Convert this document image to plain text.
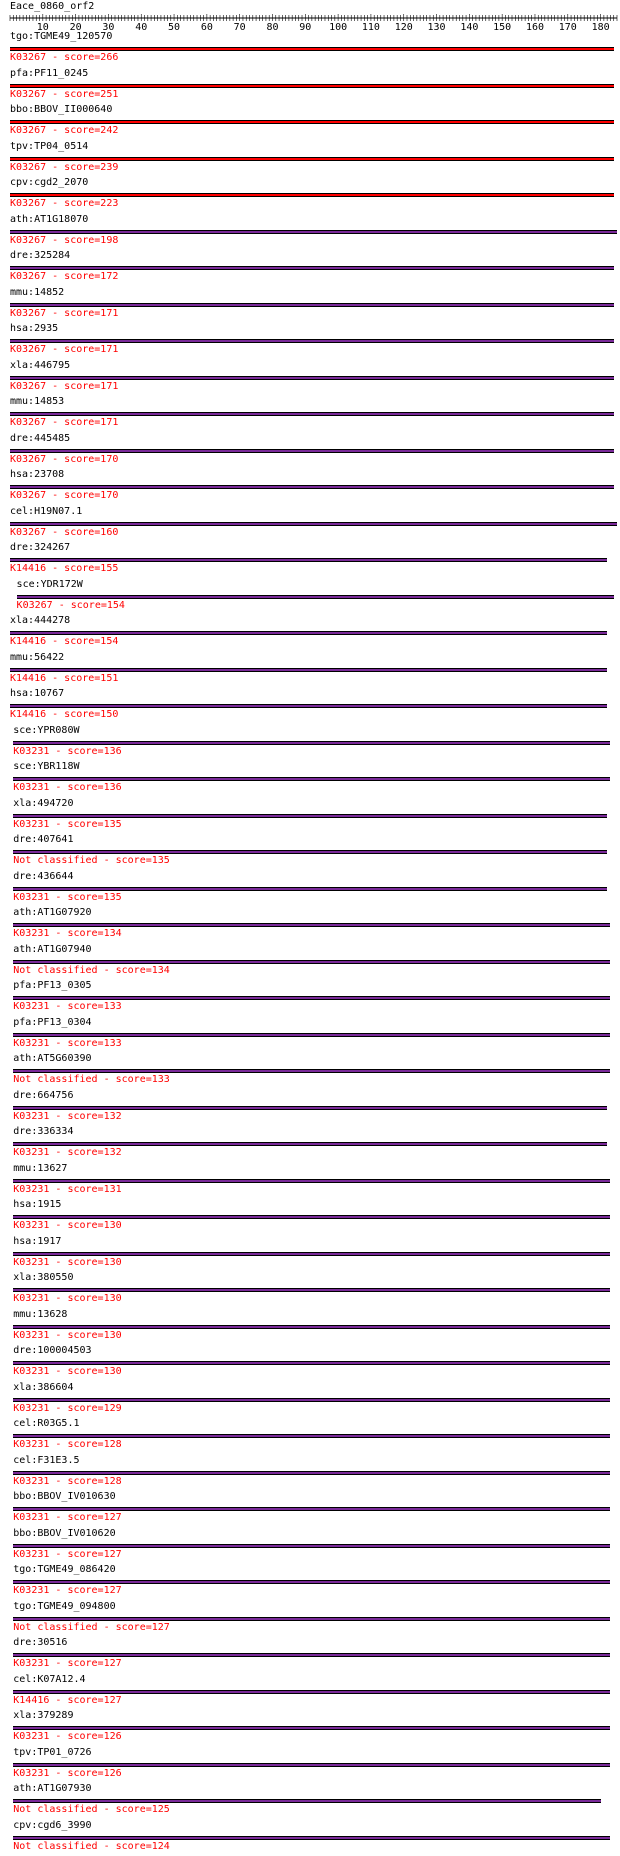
Eace_0860_orf2
10 20 30 40 50 60 70 80 90 100 110 120 130 140 150 160 170 180
tgo:TGME49_120570
K03267 - score=266
pfa:PF11_0245
K03267 - score=251
bbo:BBOV_II000640
K03267 - score=242
tpv:TP04_0514
K03267 - score=239
cpv:cgd2_2070
K03267 - score=223
ath:AT1G18070
K03267 - score=198
dre:325284
K03267 - score=172
mmu:14852
K03267 - score=171
hsa:2935
K03267 - score=171
xla:446795
K03267 - score=171
mmu:14853
K03267 - score=171
dre:445485
K03267 - score=170
hsa:23708
K03267 - score=170
cel:H19N07.1
K03267 - score=160
dre:324267
K14416 - score=155
sce:YDR172W
K03267 - score=154
xla:444278
K14416 - score=154
mmu:56422
K14416 - score=151
hsa:10767
K14416 - score=150
sce:YPR080W
K03231 - score=136
sce:YBR118W
K03231 - score=136
xla:494720
K03231 - score=135
dre:407641
Not classified - score=135
dre:436644
K03231 - score=135
ath:AT1G07920
K03231 - score=134
ath:AT1G07940
Not classified - score=134
pfa:PF13_0305
K03231 - score=133
pfa:PF13_0304
K03231 - score=133
ath:AT5G60390
Not classified - score=133
dre:664756
K03231 - score=132
dre:336334
K03231 - score=132
mmu:13627
K03231 - score=131
hsa:1915
K03231 - score=130
hsa:1917
K03231 - score=130
xla:380550
K03231 - score=130
mmu:13628
K03231 - score=130
dre:100004503
K03231 - score=130
xla:386604
K03231 - score=129
cel:R03G5.1
K03231 - score=128
cel:F31E3.5
K03231 - score=128
bbo:BBOV_IV010630
K03231 - score=127
bbo:BBOV_IV010620
K03231 - score=127
tgo:TGME49_086420
K03231 - score=127
tgo:TGME49_094800
Not classified - score=127
dre:30516
K03231 - score=127
cel:K07A12.4
K14416 - score=127
xla:379289
K03231 - score=126
tpv:TP01_0726
K03231 - score=126
ath:AT1G07930
Not classified - score=125
cpv:cgd6_3990
Not classified - score=124
